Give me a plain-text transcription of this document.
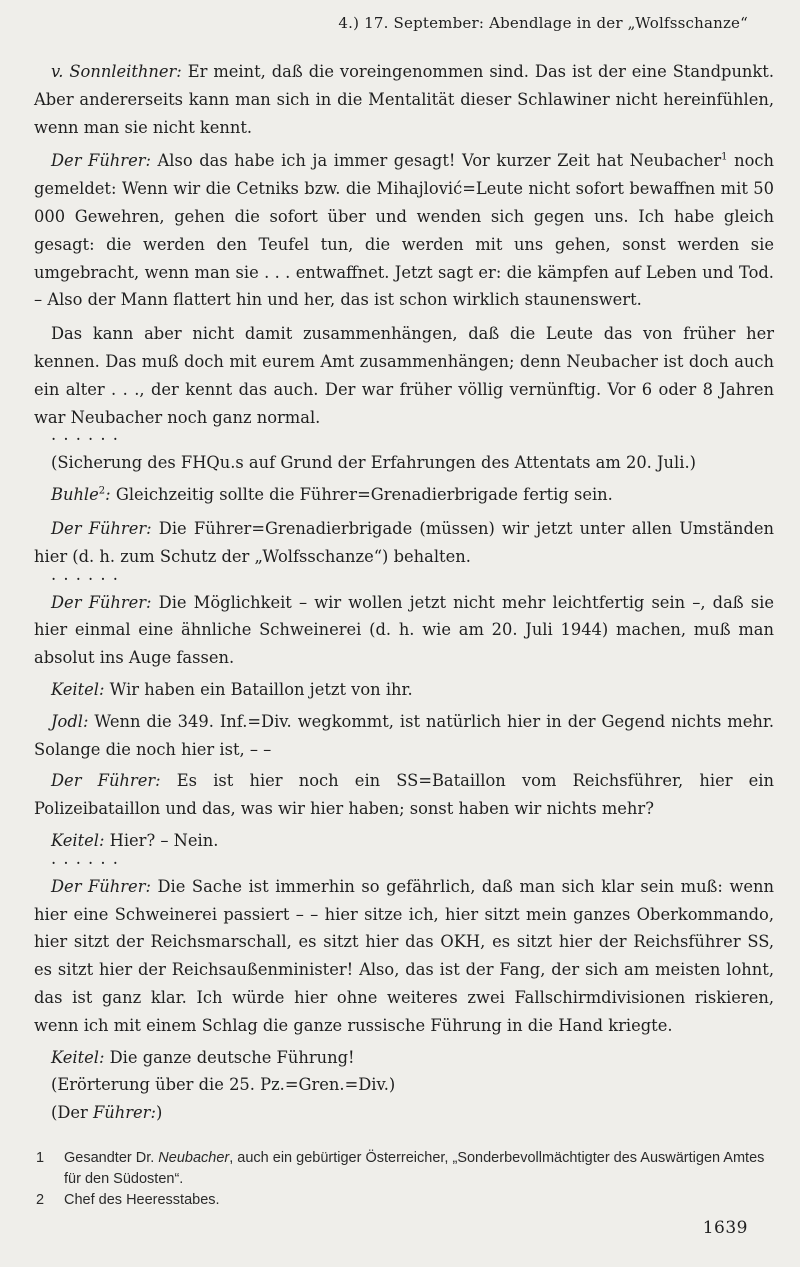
4.) 17. September: Abendlage in der „Wolfsschanze“

v. Sonnleithner: Er meint, daß die voreingenommen sind. Das ist der eine Standpunkt. Aber andererseits kann man sich in die Mentalität dieser Schlawiner nicht hereinfühlen, wenn man sie nicht kennt.

Der Führer: Also das habe ich ja immer gesagt! Vor kurzer Zeit hat Neubacher$^1$ noch gemeldet: Wenn wir die Cetniks bzw. die Mihajlović=Leute nicht sofort bewaffnen mit 50 000 Gewehren, gehen die sofort über und wenden sich gegen uns. Ich habe gleich gesagt: die werden den Teufel tun, die werden mit uns gehen, sonst werden sie umgebracht, wenn man sie . . . entwaffnet. Jetzt sagt er: die kämpfen auf Leben und Tod. – Also der Mann flattert hin und her, das ist schon wirklich staunenswert.

Das kann aber nicht damit zusammenhängen, daß die Leute das von früher her kennen. Das muß doch mit eurem Amt zusammenhängen; denn Neubacher ist doch auch ein alter . . ., der kennt das auch. Der war früher völlig vernünftig. Vor 6 oder 8 Jahren war Neubacher noch ganz normal.

. . . . . .

(Sicherung des FHQu.s auf Grund der Erfahrungen des Attentats am 20. Juli.)

Buhle$^2$: Gleichzeitig sollte die Führer=Grenadierbrigade fertig sein.

Der Führer: Die Führer=Grenadierbrigade (müssen) wir jetzt unter allen Umständen hier (d. h. zum Schutz der „Wolfsschanze“) behalten.

. . . . . .

Der Führer: Die Möglichkeit – wir wollen jetzt nicht mehr leichtfertig sein –, daß sie hier einmal eine ähnliche Schweinerei (d. h. wie am 20. Juli 1944) machen, muß man absolut ins Auge fassen.

Keitel: Wir haben ein Bataillon jetzt von ihr.

Jodl: Wenn die 349. Inf.=Div. wegkommt, ist natürlich hier in der Gegend nichts mehr. Solange die noch hier ist, – –

Der Führer: Es ist hier noch ein SS=Bataillon vom Reichsführer, hier ein Polizeibataillon und das, was wir hier haben; sonst haben wir nichts mehr?

Keitel: Hier? – Nein.

. . . . . .

Der Führer: Die Sache ist immerhin so gefährlich, daß man sich klar sein muß: wenn hier eine Schweinerei passiert – – hier sitze ich, hier sitzt mein ganzes Oberkommando, hier sitzt der Reichsmarschall, es sitzt hier das OKH, es sitzt hier der Reichsführer SS, es sitzt hier der Reichsaußenminister! Also, das ist der Fang, der sich am meisten lohnt, das ist ganz klar. Ich würde hier ohne weiteres zwei Fallschirmdivisionen riskieren, wenn ich mit einem Schlag die ganze russische Führung in die Hand kriegte.

Keitel: Die ganze deutsche Führung!

(Erörterung über die 25. Pz.=Gren.=Div.)

(Der Führer:)

1 Gesandter Dr. Neubacher, auch ein gebürtiger Österreicher, „Sonderbevollmächtigter des Auswärtigen Amtes für den Südosten“.
2 Chef des Heeresstabes.
1639
